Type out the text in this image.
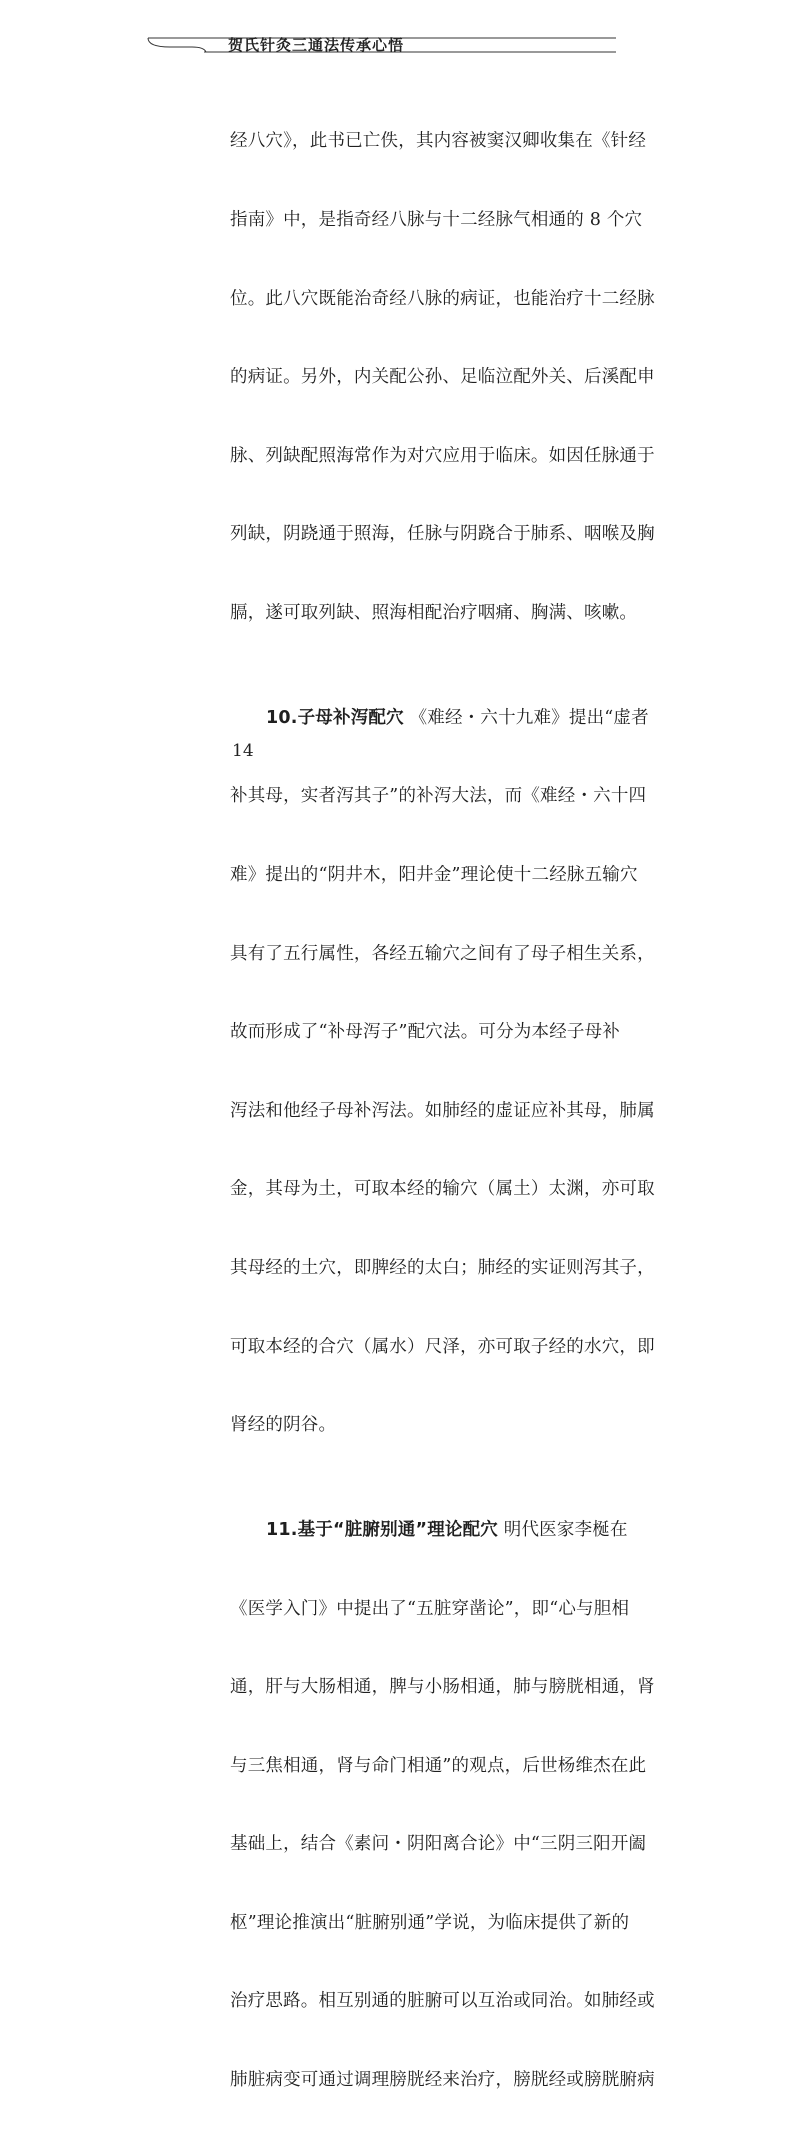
贺氏针灸三通法传承心悟

经八穴》，此书已亡佚，其内容被窦汉卿收集在《针经

指南》中，是指奇经八脉与十二经脉气相通的 8 个穴

位。此八穴既能治奇经八脉的病证，也能治疗十二经脉

的病证。另外，内关配公孙、足临泣配外关、后溪配申

脉、列缺配照海常作为对穴应用于临床。如因任脉通于

列缺，阴跷通于照海，任脉与阴跷合于肺系、咽喉及胸

膈，遂可取列缺、照海相配治疗咽痛、胸满、咳嗽。

10.子母补泻配穴 《难经・六十九难》提出“虚者

补其母，实者泻其子”的补泻大法，而《难经・六十四

难》提出的“阴井木，阳井金”理论使十二经脉五输穴

具有了五行属性，各经五输穴之间有了母子相生关系，

故而形成了“补母泻子”配穴法。可分为本经子母补

泻法和他经子母补泻法。如肺经的虚证应补其母，肺属

金，其母为土，可取本经的输穴（属土）太渊，亦可取

其母经的土穴，即脾经的太白；肺经的实证则泻其子，

可取本经的合穴（属水）尺泽，亦可取子经的水穴，即

肾经的阴谷。

11.基于“脏腑别通”理论配穴 明代医家李梴在

《医学入门》中提出了“五脏穿凿论”，即“心与胆相

通，肝与大肠相通，脾与小肠相通，肺与膀胱相通，肾

与三焦相通，肾与命门相通”的观点，后世杨维杰在此

基础上，结合《素问・阴阳离合论》中“三阴三阳开阖

枢”理论推演出“脏腑别通”学说，为临床提供了新的

治疗思路。相互别通的脏腑可以互治或同治。如肺经或

肺脏病变可通过调理膀胱经来治疗，膀胱经或膀胱腑病

14
